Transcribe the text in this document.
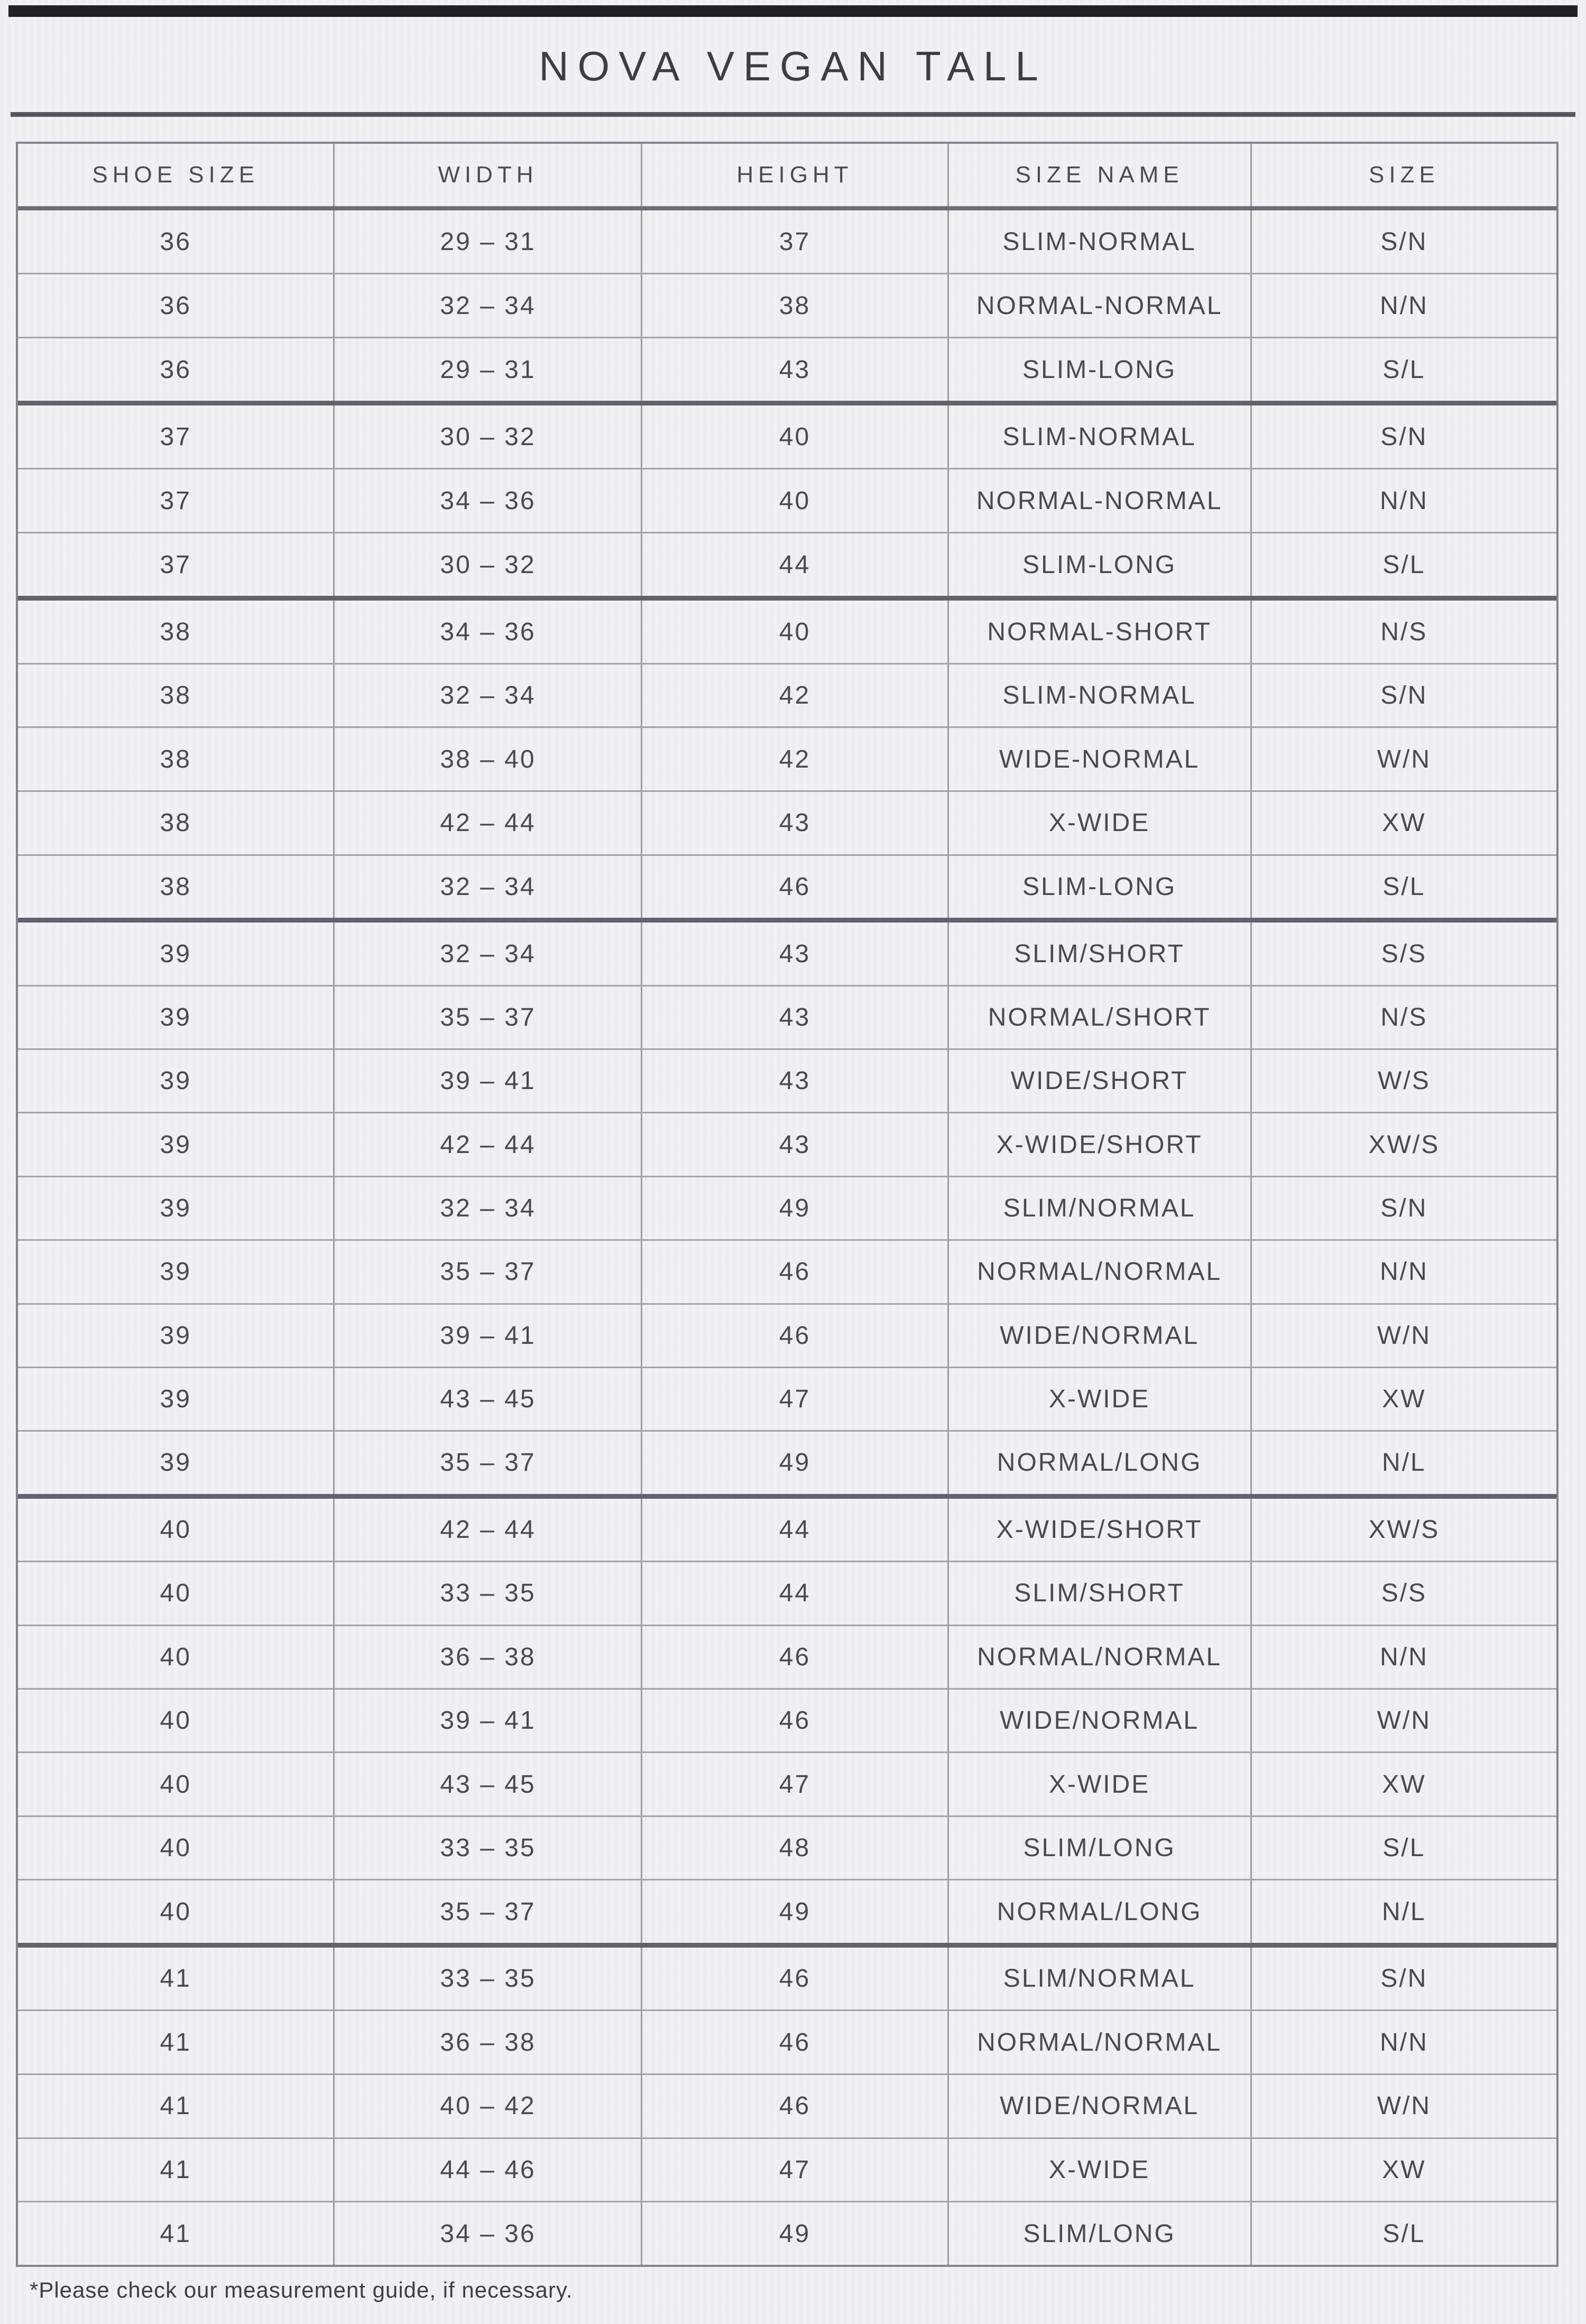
NOVA VEGAN TALL
SHOE SIZE	WIDTH	HEIGHT	SIZE NAME	SIZE
36	29 – 31	37	SLIM-NORMAL	S/N
36	32 – 34	38	NORMAL-NORMAL	N/N
36	29 – 31	43	SLIM-LONG	S/L
37	30 – 32	40	SLIM-NORMAL	S/N
37	34 – 36	40	NORMAL-NORMAL	N/N
37	30 – 32	44	SLIM-LONG	S/L
38	34 – 36	40	NORMAL-SHORT	N/S
38	32 – 34	42	SLIM-NORMAL	S/N
38	38 – 40	42	WIDE-NORMAL	W/N
38	42 – 44	43	X-WIDE	XW
38	32 – 34	46	SLIM-LONG	S/L
39	32 – 34	43	SLIM/SHORT	S/S
39	35 – 37	43	NORMAL/SHORT	N/S
39	39 – 41	43	WIDE/SHORT	W/S
39	42 – 44	43	X-WIDE/SHORT	XW/S
39	32 – 34	49	SLIM/NORMAL	S/N
39	35 – 37	46	NORMAL/NORMAL	N/N
39	39 – 41	46	WIDE/NORMAL	W/N
39	43 – 45	47	X-WIDE	XW
39	35 – 37	49	NORMAL/LONG	N/L
40	42 – 44	44	X-WIDE/SHORT	XW/S
40	33 – 35	44	SLIM/SHORT	S/S
40	36 – 38	46	NORMAL/NORMAL	N/N
40	39 – 41	46	WIDE/NORMAL	W/N
40	43 – 45	47	X-WIDE	XW
40	33 – 35	48	SLIM/LONG	S/L
40	35 – 37	49	NORMAL/LONG	N/L
41	33 – 35	46	SLIM/NORMAL	S/N
41	36 – 38	46	NORMAL/NORMAL	N/N
41	40 – 42	46	WIDE/NORMAL	W/N
41	44 – 46	47	X-WIDE	XW
41	34 – 36	49	SLIM/LONG	S/L
*Please check our measurement guide, if necessary.
